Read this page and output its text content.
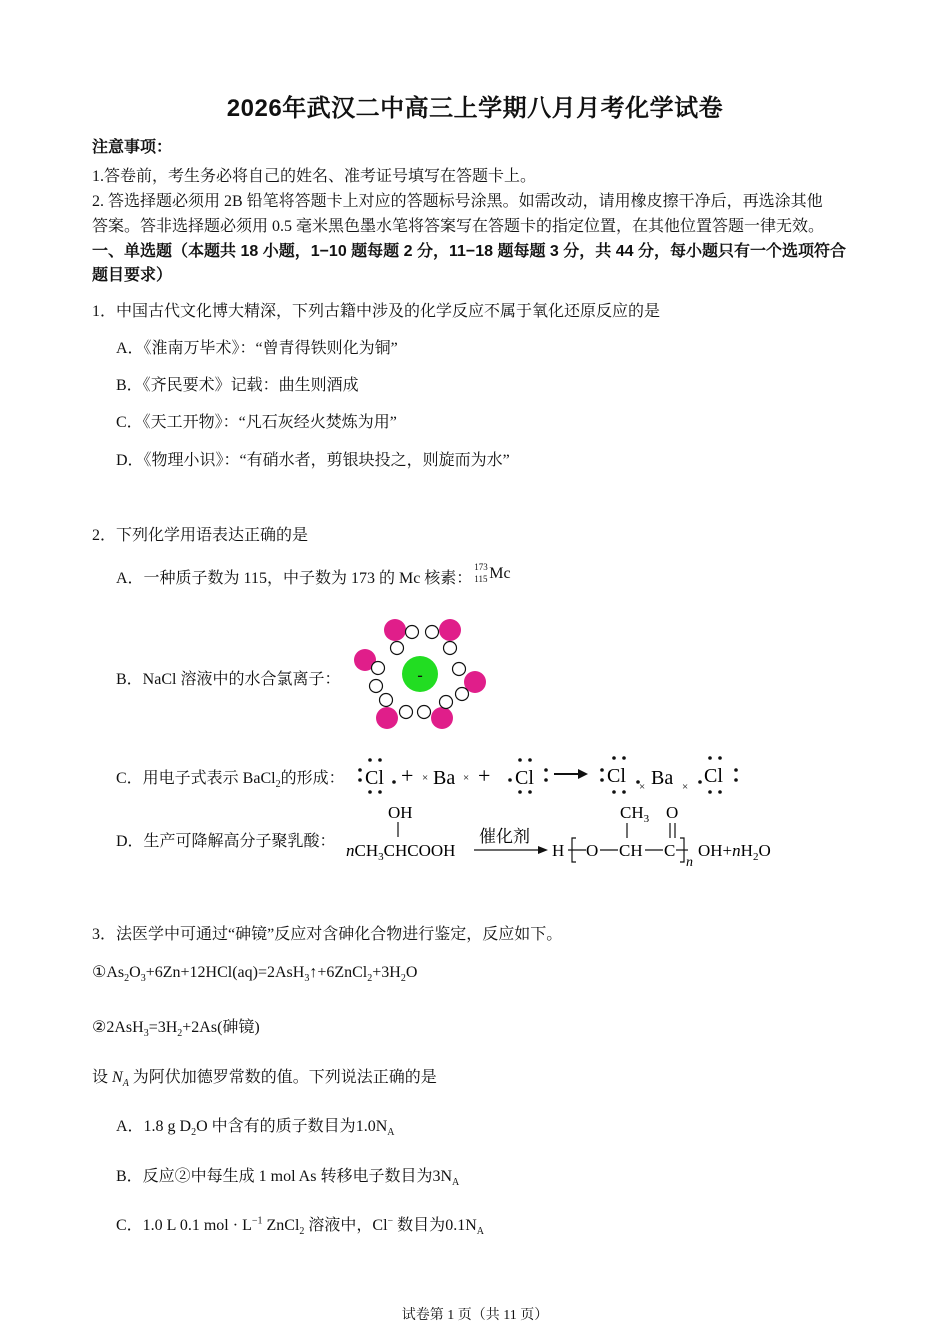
2026年武汉二中高三上学期八月月考化学试卷
注意事项：
1.答卷前，考生务必将自己的姓名、准考证号填写在答题卡上。
2. 答选择题必须用 2B 铅笔将答题卡上对应的答题标号涂黑。如需改动，请用橡皮擦干净后，再选涂其他
答案。答非选择题必须用 0.5 毫米黑色墨水笔将答案写在答题卡的指定位置，在其他位置答题一律无效。
一、单选题（本题共 18 小题，1−10 题每题 2 分，11−18 题每题 3 分，共 44 分，每小题只有一个选项符合
题目要求）
1．中国古代文化博大精深，下列古籍中涉及的化学反应不属于氧化还原反应的是
A．《淮南万毕术》：“曾青得铁则化为铜”
B．《齐民要术》记载：曲生则酒成
C．《天工开物》：“凡石灰经火焚炼为用”
D．《物理小识》：“有硝水者，剪银块投之，则旋而为水”
2．下列化学用语表达正确的是
A．一种质子数为 115，中子数为 173 的 Mc 核素：
173
115 Mc
B．NaCl 溶液中的水合氯离子：	-
C．用电子式表示 BaCl$_2$的形成： Cl + × Ba × + Cl	Cl × Ba × Cl
D．生产可降解高分子聚乳酸：
OH
nCH$_3$CHCOOH
催化剂
$CH_3$ O
H O CH C
n
$OH+nH_2O$
3．法医学中可通过“砷镜”反应对含砷化合物进行鉴定，反应如下。
$①As_2O_3+6Zn+12HCl(aq)=2AsH_3↑+6ZnCl_2+3H_2O$
$②2AsH_3=3H_2+2As$(砷镜)
设 $N_A$ 为阿伏加德罗常数的值。下列说法正确的是
A．1.8 g $D_2O$ 中含有的质子数目为$1.0N_A$
B．反应②中每生成 1 mol As 转移电子数目为$3N_A$
C．1.0 L 0.1 mol · $L^{-1}$ ZnCl$_2$ 溶液中，Cl− 数目为$0.1N_A$
试卷第 1 页（共 11 页）
